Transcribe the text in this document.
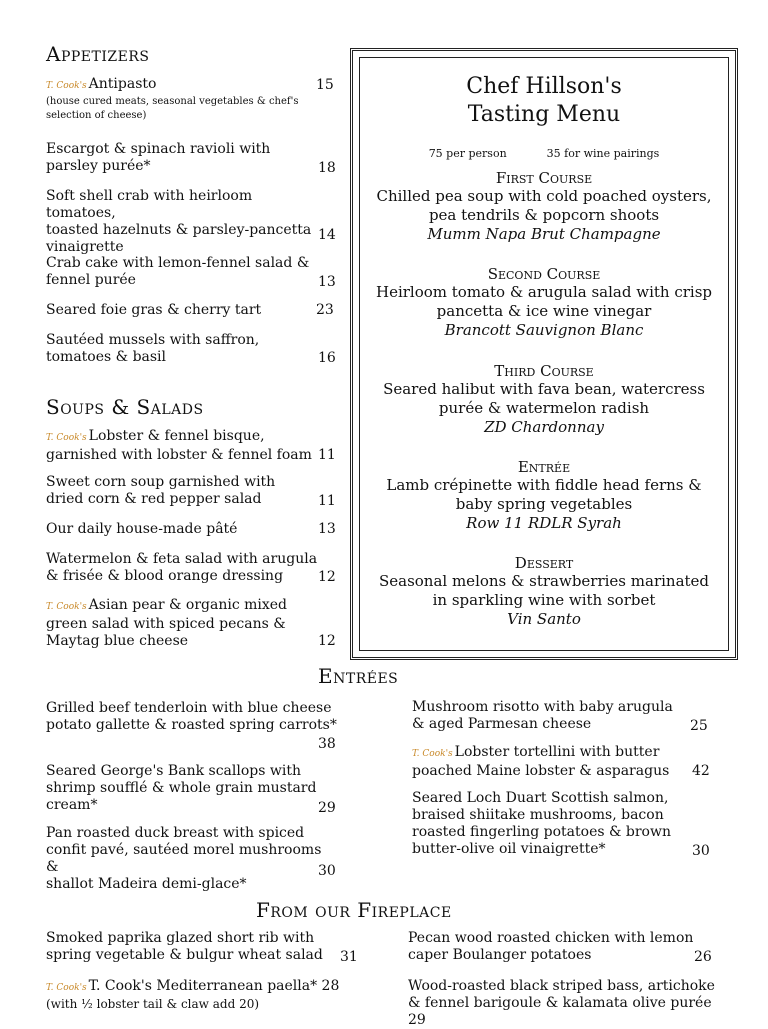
Appetizers
T. Cook's Antipasto
(house cured meats, seasonal vegetables & chef's
selection of cheese)
15
Escargot & spinach ravioli with
parsley purée*	18
Soft shell crab with heirloom tomatoes,
toasted hazelnuts & parsley-pancetta
vinaigrette
14
Crab cake with lemon-fennel salad &
fennel purée	13
Seared foie gras & cherry tart	23
Sautéed mussels with saffron,
tomatoes & basil	16
Soups & Salads
T. Cook's Lobster & fennel bisque,
garnished with lobster & fennel foam 11
Sweet corn soup garnished with
dried corn & red pepper salad	11
Our daily house-made pâté	13
Watermelon & feta salad with arugula
& frisée & blood orange dressing	12
T. Cook's Asian pear & organic mixed
green salad with spiced pecans &
Maytag blue cheese	12
Chef Hillson's
Tasting Menu
75 per person	35 for wine pairings
First Course
Chilled pea soup with cold poached oysters,
pea tendrils & popcorn shoots
Mumm Napa Brut Champagne
Second Course
Heirloom tomato & arugula salad with crisp
pancetta & ice wine vinegar
Brancott Sauvignon Blanc
Third Course
Seared halibut with fava bean, watercress
purée & watermelon radish
ZD Chardonnay
Entrée
Lamb crépinette with fiddle head ferns &
baby spring vegetables
Row 11 RDLR Syrah
Dessert
Seasonal melons & strawberries marinated
in sparkling wine with sorbet
Vin Santo
Entrées
Grilled beef tenderloin with blue cheese
potato gallette & roasted spring carrots*
38
Seared George's Bank scallops with
shrimp soufflé & whole grain mustard cream*	29
Pan roasted duck breast with spiced
confit pavé, sautéed morel mushrooms &
shallot Madeira demi-glace*
30
Mushroom risotto with baby arugula
& aged Parmesan cheese	25
T. Cook's Lobster tortellini with butter
poached Maine lobster & asparagus	42
Seared Loch Duart Scottish salmon,
braised shiitake mushrooms, bacon
roasted fingerling potatoes & brown
butter-olive oil vinaigrette*	30
From our Fireplace
Smoked paprika glazed short rib with
spring vegetable & bulgur wheat salad	31
T. Cook's T. Cook's Mediterranean paella* 28
(with ½ lobster tail & claw add 20)
Pecan wood roasted chicken with lemon
caper Boulanger potatoes	26
Wood-roasted black striped bass, artichoke
& fennel barigoule & kalamata olive purée 29
